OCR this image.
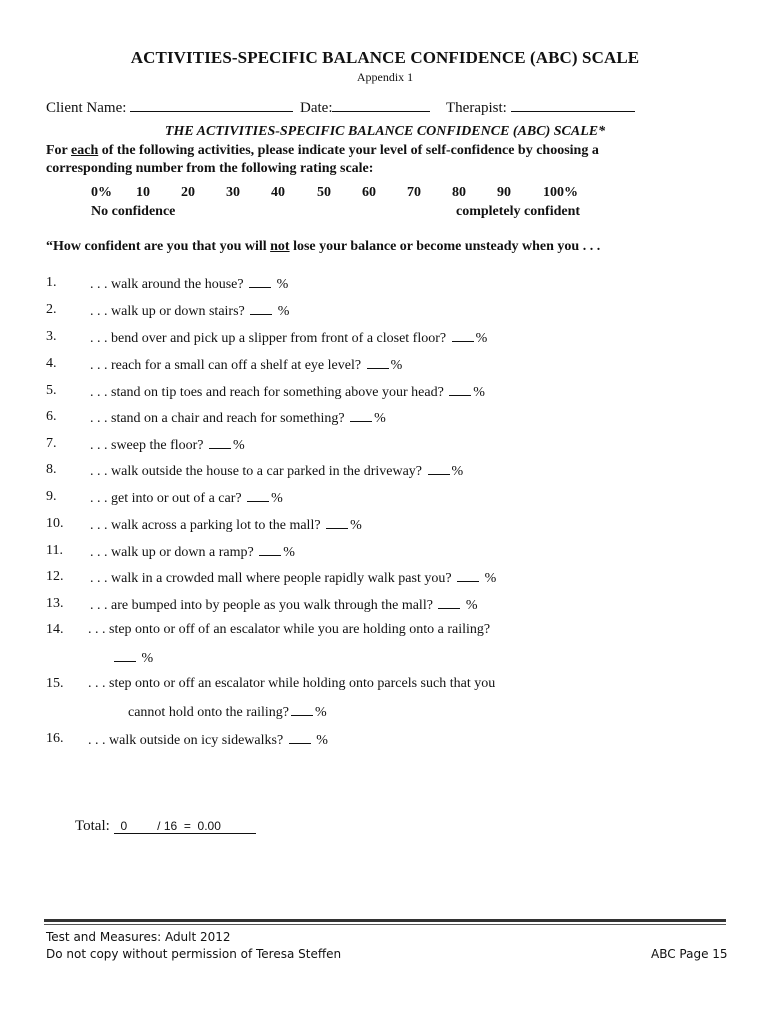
ACTIVITIES-SPECIFIC BALANCE CONFIDENCE (ABC) SCALE
Appendix 1
Client Name:	Date:	Therapist:
THE ACTIVITIES-SPECIFIC BALANCE CONFIDENCE (ABC) SCALE*
For each of the following activities, please indicate your level of self-confidence by choosing a corresponding number from the following rating scale:
0% 10 20 30 40 50 60 70 80 90 100%
No confidence	completely confident
“How confident are you that you will not lose your balance or become unsteady when you . . .
1. . . . walk around the house? %
2. . . . walk up or down stairs? %
3. . . . bend over and pick up a slipper from front of a closet floor? %
4. . . . reach for a small can off a shelf at eye level? %
5. . . . stand on tip toes and reach for something above your head? %
6. . . . stand on a chair and reach for something? %
7. . . . sweep the floor? %
8. . . . walk outside the house to a car parked in the driveway? %
9. . . . get into or out of a car? %
10. . . . walk across a parking lot to the mall? %
11. . . . walk up or down a ramp? %
12. . . . walk in a crowded mall where people rapidly walk past you? %
13. . . . are bumped into by people as you walk through the mall? %
14. . . . step onto or off of an escalator while you are holding onto a railing?
%
15. . . . step onto or off an escalator while holding onto parcels such that you
cannot hold onto the railing? %
16. . . . walk outside on icy sidewalks? %
Total: 0	/ 16 = 0.00
Test and Measures: Adult 2012
Do not copy without permission of Teresa Steffen	ABC Page 15
